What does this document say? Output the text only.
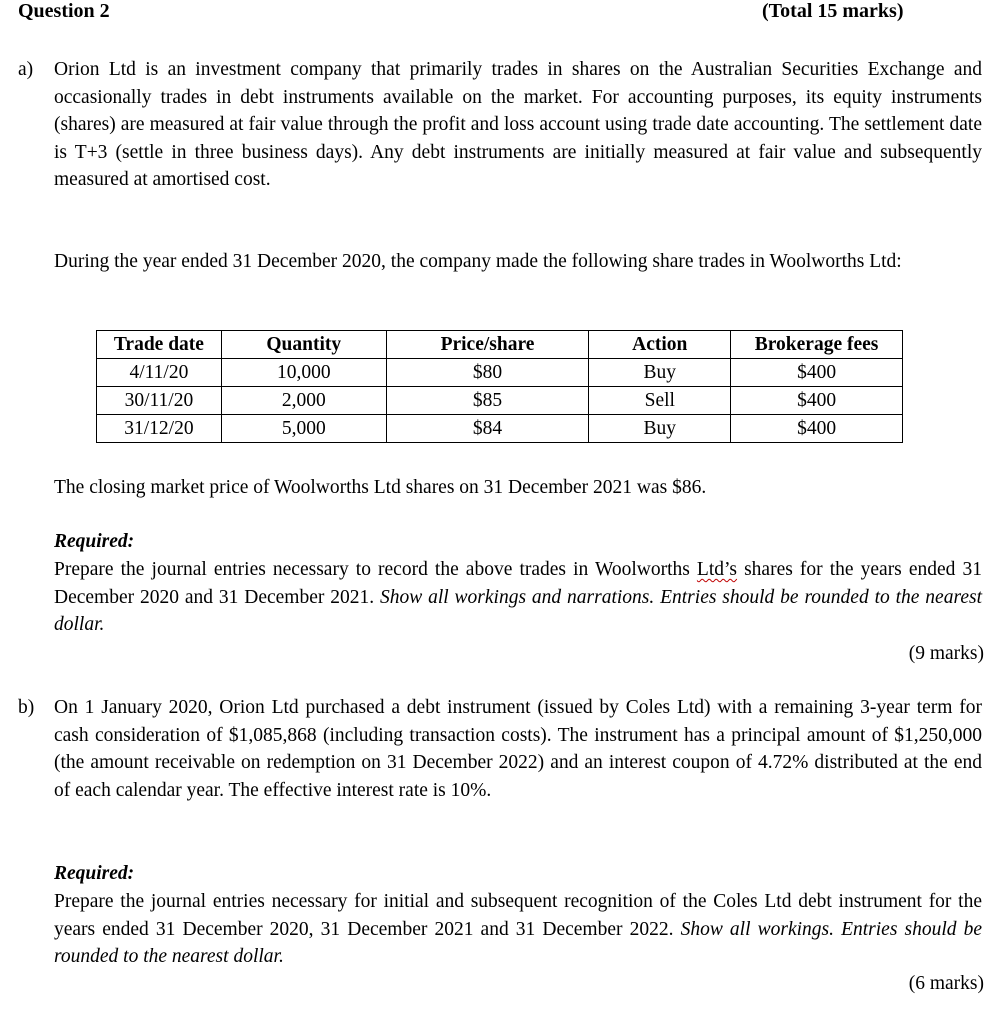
Question 2	(Total 15 marks)
a) Orion Ltd is an investment company that primarily trades in shares on the Australian Securities Exchange and occasionally trades in debt instruments available on the market. For accounting purposes, its equity instruments (shares) are measured at fair value through the profit and loss account using trade date accounting. The settlement date is T+3 (settle in three business days). Any debt instruments are initially measured at fair value and subsequently measured at amortised cost.

During the year ended 31 December 2020, the company made the following share trades in Woolworths Ltd:

Trade date	Quantity	Price/share	Action	Brokerage fees
4/11/20	10,000	$80	Buy	$400
30/11/20	2,000	$85	Sell	$400
31/12/20	5,000	$84	Buy	$400

The closing market price of Woolworths Ltd shares on 31 December 2021 was $86.

Required:

Prepare the journal entries necessary to record the above trades in Woolworths Ltd’s shares for the years ended 31 December 2020 and 31 December 2021. Show all workings and narrations. Entries should be rounded to the nearest dollar.

(9 marks)

b) On 1 January 2020, Orion Ltd purchased a debt instrument (issued by Coles Ltd) with a remaining 3-year term for cash consideration of $1,085,868 (including transaction costs). The instrument has a principal amount of $1,250,000 (the amount receivable on redemption on 31 December 2022) and an interest coupon of 4.72% distributed at the end of each calendar year. The effective interest rate is 10%.

Required:

Prepare the journal entries necessary for initial and subsequent recognition of the Coles Ltd debt instrument for the years ended 31 December 2020, 31 December 2021 and 31 December 2022. Show all workings. Entries should be rounded to the nearest dollar.

(6 marks)
